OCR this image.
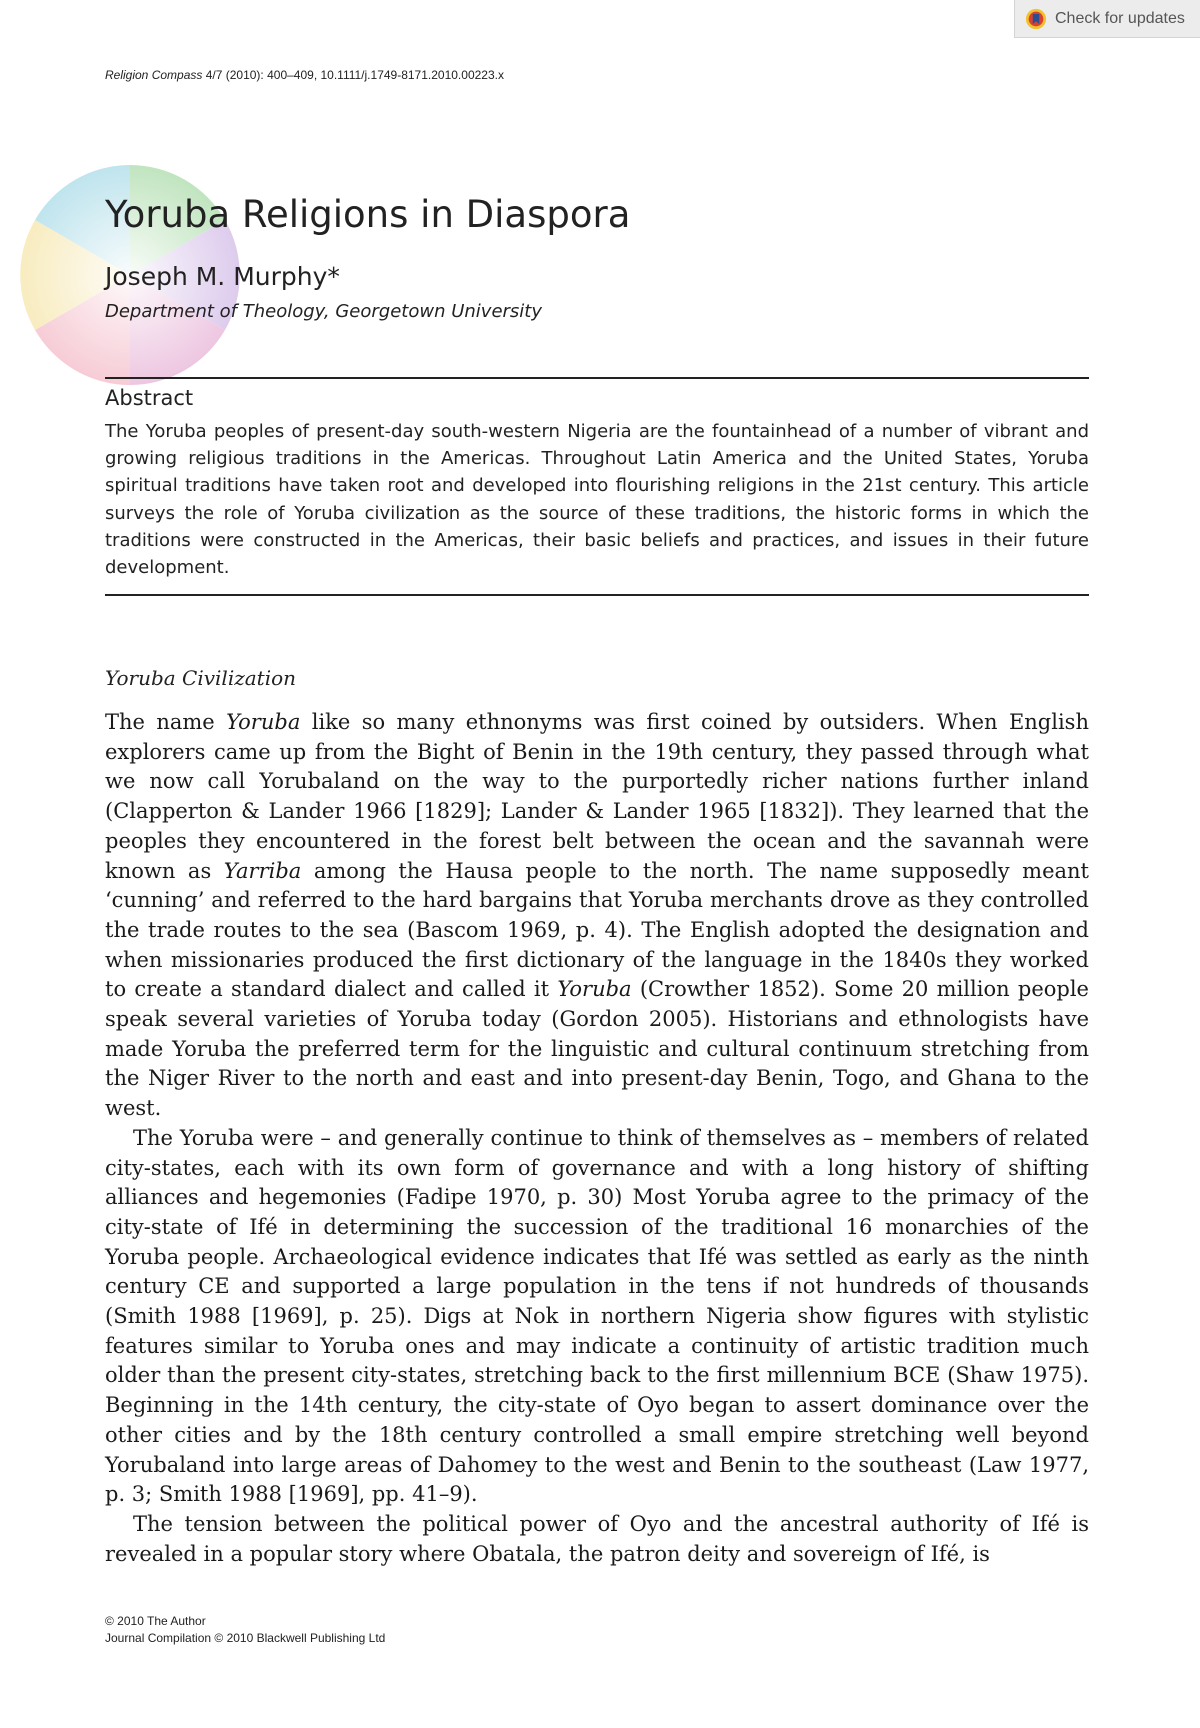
Check for updates
Religion Compass 4/7 (2010): 400–409, 10.1111/j.1749-8171.2010.00223.x
Yoruba Religions in Diaspora

Joseph M. Murphy*

Department of Theology, Georgetown University

Abstract

The Yoruba peoples of present-day south-western Nigeria are the fountainhead of a number of vibrant and growing religious traditions in the Americas. Throughout Latin America and the United States, Yoruba spiritual traditions have taken root and developed into flourishing religions in the 21st century. This article surveys the role of Yoruba civilization as the source of these traditions, the historic forms in which the traditions were constructed in the Americas, their basic beliefs and practices, and issues in their future development.

Yoruba Civilization

The name Yoruba like so many ethnonyms was first coined by outsiders. When English explorers came up from the Bight of Benin in the 19th century, they passed through what we now call Yorubaland on the way to the purportedly richer nations further inland (Clapperton & Lander 1966 [1829]; Lander & Lander 1965 [1832]). They learned that the peoples they encountered in the forest belt between the ocean and the savannah were known as Yarriba among the Hausa people to the north. The name supposedly meant ‘cunning’ and referred to the hard bargains that Yoruba merchants drove as they controlled the trade routes to the sea (Bascom 1969, p. 4). The English adopted the designation and when missionaries produced the first dictionary of the language in the 1840s they worked to create a standard dialect and called it Yoruba (Crowther 1852). Some 20 million people speak several varieties of Yoruba today (Gordon 2005). Historians and ethnologists have made Yoruba the preferred term for the linguistic and cultural continuum stretching from the Niger River to the north and east and into present-day Benin, Togo, and Ghana to the west.

The Yoruba were – and generally continue to think of themselves as – members of related city-states, each with its own form of governance and with a long history of shifting alliances and hegemonies (Fadipe 1970, p. 30) Most Yoruba agree to the primacy of the city-state of Ifé in determining the succession of the traditional 16 monarchies of the Yoruba people. Archaeological evidence indicates that Ifé was settled as early as the ninth century CE and supported a large population in the tens if not hundreds of thousands (Smith 1988 [1969], p. 25). Digs at Nok in northern Nigeria show figures with stylistic features similar to Yoruba ones and may indicate a continuity of artistic tradition much older than the present city-states, stretching back to the first millennium BCE (Shaw 1975). Beginning in the 14th century, the city-state of Oyo began to assert dominance over the other cities and by the 18th century controlled a small empire stretching well beyond Yorubaland into large areas of Dahomey to the west and Benin to the southeast (Law 1977, p. 3; Smith 1988 [1969], pp. 41–9).

The tension between the political power of Oyo and the ancestral authority of Ifé is revealed in a popular story where Obatala, the patron deity and sovereign of Ifé, is

© 2010 The Author
Journal Compilation © 2010 Blackwell Publishing Ltd
